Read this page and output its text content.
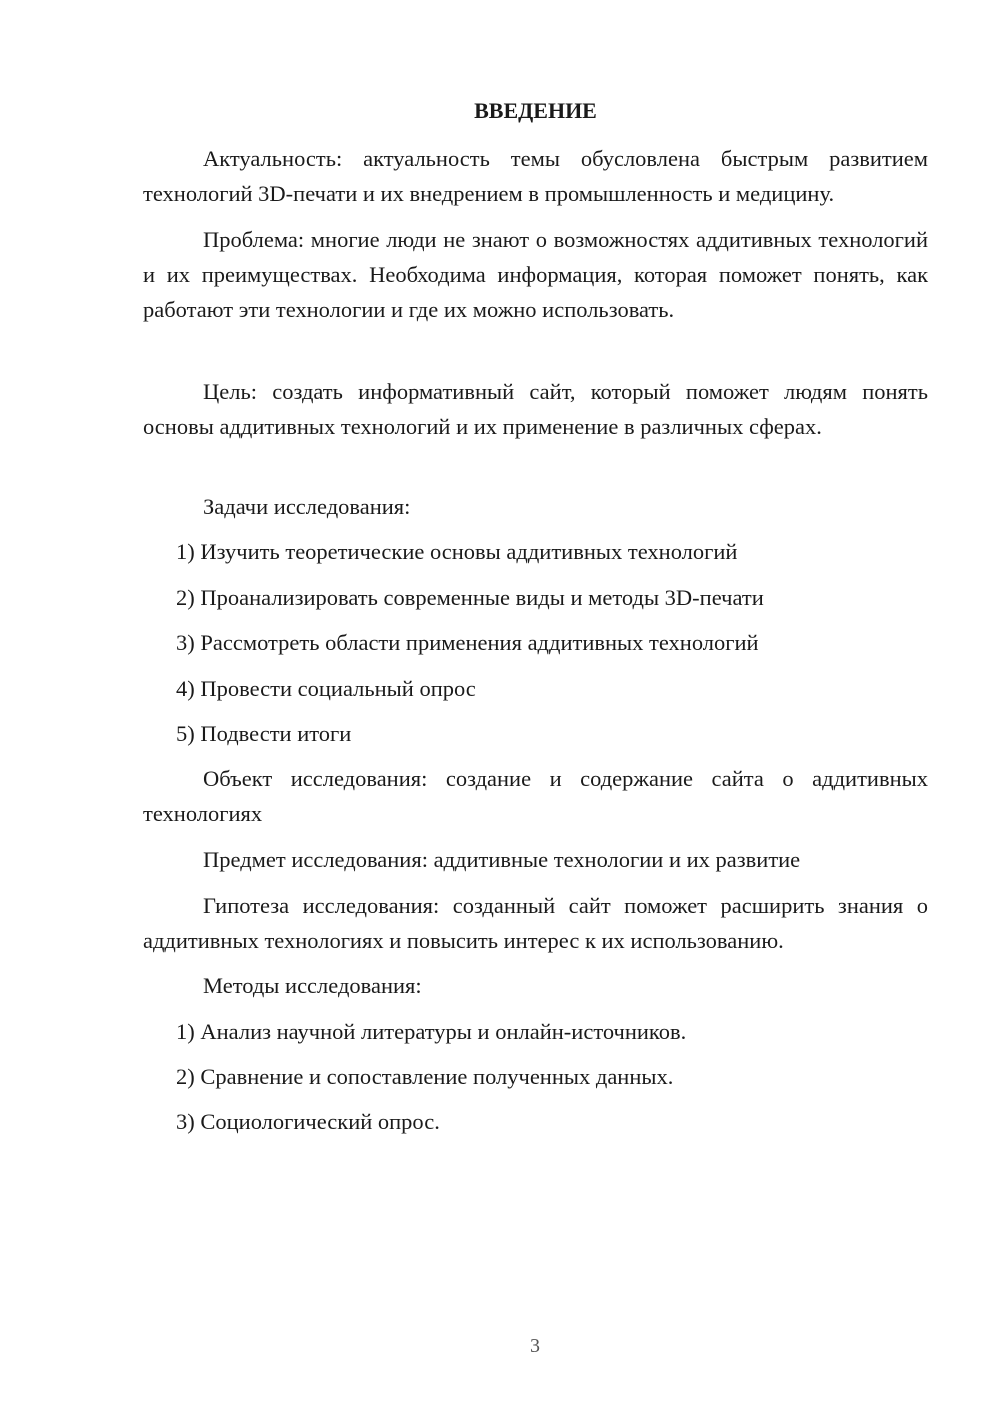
ВВЕДЕНИЕ

Актуальность: актуальность темы обусловлена быстрым развитием технологий 3D-печати и их внедрением в промышленность и медицину.

Проблема: многие люди не знают о возможностях аддитивных технологий и их преимуществах. Необходима информация, которая поможет понять, как работают эти технологии и где их можно использовать.

Цель: создать информативный сайт, который поможет людям понять основы аддитивных технологий и их применение в различных сферах.

Задачи исследования:

1) Изучить теоретические основы аддитивных технологий

2) Проанализировать современные виды и методы 3D-печати

3) Рассмотреть области применения аддитивных технологий

4) Провести социальный опрос

5) Подвести итоги

Объект исследования: создание и содержание сайта о аддитивных технологиях

Предмет исследования: аддитивные технологии и их развитие

Гипотеза исследования: созданный сайт поможет расширить знания о аддитивных технологиях и повысить интерес к их использованию.

Методы исследования:

1) Анализ научной литературы и онлайн-источников.

2) Сравнение и сопоставление полученных данных.

3) Социологический опрос.

3
